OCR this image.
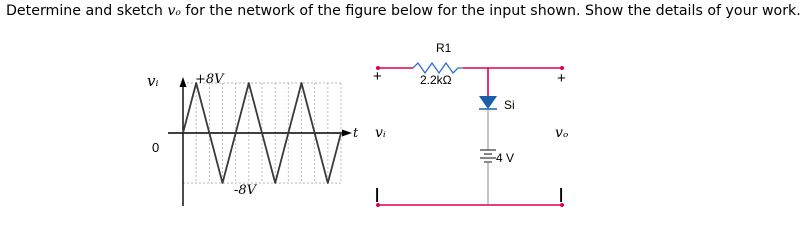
Determine and sketch vₒ for the network of the figure below for the input shown. Show the details of your work.
vᵢ
t
0
+8V
-8V
R1
2.2kΩ
Si
4 V
+
vᵢ
|
+
vₒ
|
